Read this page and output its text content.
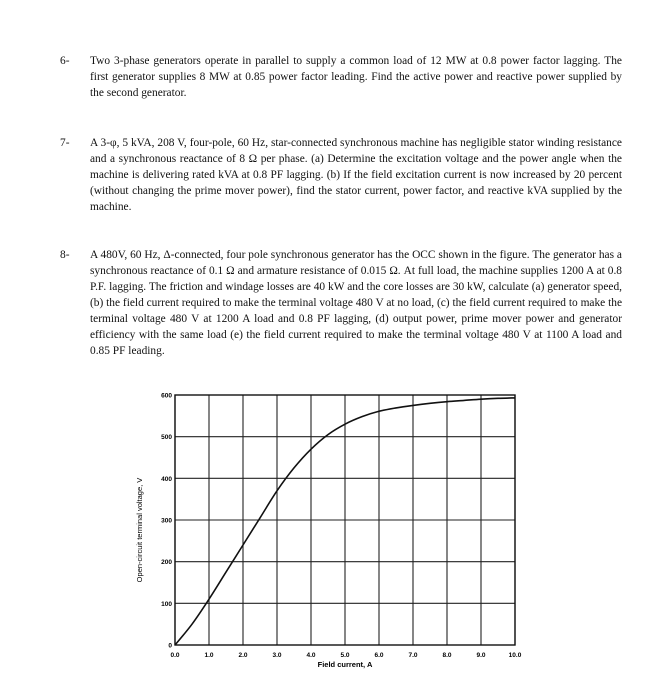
6-	Two 3-phase generators operate in parallel to supply a common load of 12 MW at 0.8 power factor lagging. The first generator supplies 8 MW at 0.85 power factor leading. Find the active power and reactive power supplied by the second generator.
7-	A 3-φ, 5 kVA, 208 V, four-pole, 60 Hz, star-connected synchronous machine has negligible stator winding resistance and a synchronous reactance of 8 Ω per phase. (a) Determine the excitation voltage and the power angle when the machine is delivering rated kVA at 0.8 PF lagging. (b) If the field excitation current is now increased by 20 percent (without changing the prime mover power), find the stator current, power factor, and reactive kVA supplied by the machine.
8-	A 480V, 60 Hz, Δ-connected, four pole synchronous generator has the OCC shown in the figure. The generator has a synchronous reactance of 0.1 Ω and armature resistance of 0.015 Ω. At full load, the machine supplies 1200 A at 0.8 P.F. lagging. The friction and windage losses are 40 kW and the core losses are 30 kW, calculate (a) generator speed, (b) the field current required to make the terminal voltage 480 V at no load, (c) the field current required to make the terminal voltage 480 V at 1200 A load and 0.8 PF lagging, (d) output power, prime mover power and generator efficiency with the same load (e) the field current required to make the terminal voltage 480 V at 1100 A load and 0.85 PF leading.
0.0	1.0	2.0	3.0	4.0	5.0	6.0	7.0	8.0	9.0	10.0
0
100
200
300
400
500
600
Field current, A
Open-circuit terminal voltage, V
